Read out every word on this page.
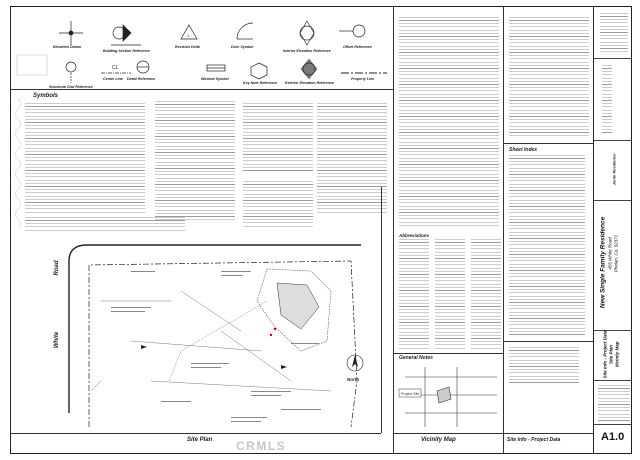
1
CL
Elevation Datum
Building Section Reference
Revision Delta	Door Symbol
Interior Elevation Reference
Offset Reference
Structural Grid Reference
Center Line Detail Reference	Window Symbol
Key Note Reference Exterior Elevation Reference
Property Line
Symbols
Site Plan
White
Road
North
Abbreviations
General Notes
Project Site
Vicinity Map
Sheet Index
Site Info - Project Data
Jonte Residence
New Single Family Residence 456 White Road Phelan, Ca. 92371
Site Info - Project Data Site Plan Vicinity Map
A1.0
CRMLS
